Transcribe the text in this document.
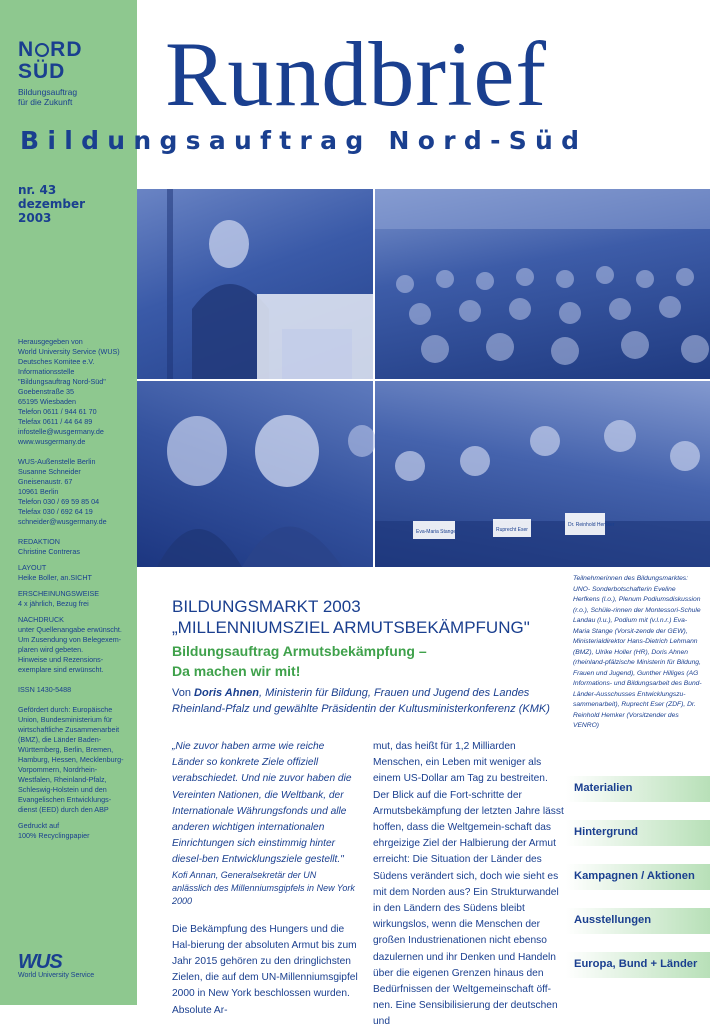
N RD
SÜD
Bildungsauftrag
für die Zukunft
nr. 43
dezember
2003

Herausgegeben von
World University Service (WUS)
Deutsches Komitee e.V.
Informationsstelle
"Bildungsauftrag Nord-Süd"
Goebenstraße 35
65195 Wiesbaden
Telefon 0611 / 944 61 70
Telefax 0611 / 44 64 89
infostelle@wusgermany.de
www.wusgermany.de

WUS-Außenstelle Berlin
Susanne Schneider
Gneisenaustr. 67
10961 Berlin
Telefon 030 / 69 59 85 04
Telefax 030 / 692 64 19
schneider@wusgermany.de

REDAKTION

Christine Contreras

LAYOUT

Heike Boller, an.SICHT

ERSCHEINUNGSWEISE

4 x jährlich, Bezug frei

NACHDRUCK

unter Quellenangabe erwünscht.
Um Zusendung von Belegexem-
plaren wird gebeten.
Hinweise und Rezensions-
exemplare sind erwünscht.

ISSN 1430-5488

Gefördert durch: Europäische
Union, Bundesministerium für
wirtschaftliche Zusammenarbeit
(BMZ), die Länder Baden-
Württemberg, Berlin, Bremen,
Hamburg, Hessen, Mecklenburg-
Vorpommern, Nordrhein-
Westfalen, Rheinland-Pfalz,
Schleswig-Holstein und den
Evangelischen Entwicklungs-
dienst (EED) durch den ABP

Gedruckt auf
100% Recyclingpapier

WUS
World University Service
Rundbrief
Bildungsauftrag Nord-Süd
Eva-Maria Stange	Ruprecht Eser
Dr. Reinhold Hemker
BILDUNGSMARKT 2003
„MILLENNIUMSZIEL ARMUTSBEKÄMPFUNG"
Bildungsauftrag Armutsbekämpfung –
Da machen wir mit!
Von Doris Ahnen, Ministerin für Bildung, Frauen und Jugend des Landes Rheinland-Pfalz und gewählte Präsidentin der Kultusministerkonferenz (KMK)

„Nie zuvor haben arme wie reiche Länder so konkrete Ziele offiziell verabschiedet. Und nie zuvor haben die Vereinten Nationen, die Weltbank, der Internationale Währungsfonds und alle anderen wichtigen internationalen Einrichtungen sich einstimmig hinter diesel-ben Entwicklungsziele gestellt."

Kofi Annan, Generalsekretär der UN anlässlich des Millenniumsgipfels in New York 2000

Die Bekämpfung des Hungers und die Hal-bierung der absoluten Armut bis zum Jahr 2015 gehören zu den dringlichsten Zielen, die auf dem UN-Millenniumsgipfel 2000 in New York beschlossen wurden. Absolute Ar-

mut, das heißt für 1,2 Milliarden Menschen, ein Leben mit weniger als einem US-Dollar am Tag zu bestreiten. Der Blick auf die Fort-schritte der Armutsbekämpfung der letzten Jahre lässt hoffen, dass die Weltgemein-schaft das ehrgeizige Ziel der Halbierung der Armut erreicht: Die Situation der Länder des Südens verändert sich, doch wie sieht es mit dem Norden aus? Ein Strukturwandel in den Ländern des Südens bleibt wirkungslos, wenn die Menschen der großen Industrienationen nicht ebenso dazulernen und ihr Denken und Handeln über die eigenen Grenzen hinaus den Bedürfnissen der Weltgemeinschaft öff-nen. Eine Sensibilisierung der deutschen und

Teilnehmerinnen des Bildungsmarktes: UNO- Sonderbotschafterin Eveline Herfkens (l.o.), Plenum Podiumsdiskussion (r.o.), Schüle-rinnen der Montessori-Schule Landau (l.u.), Podium mit (v.l.n.r.) Eva-Maria Stange (Vorsit-zende der GEW), Ministerialdirektor Hans-Dietrich Lehmann (BMZ), Ulrike Holler (HR), Doris Ahnen (rheinland-pfälzische Ministerin für Bildung, Frauen und Jugend), Gunther Hilliges (AG Informations- und Bildungsarbeit des Bund-Länder-Ausschusses Entwicklungszu-sammenarbeit), Ruprecht Eser (ZDF), Dr. Reinhold Hemker (Vorsitzender des VENRO)
Materialien
Hintergrund
Kampagnen / Aktionen
Ausstellungen
Europa, Bund + Länder
